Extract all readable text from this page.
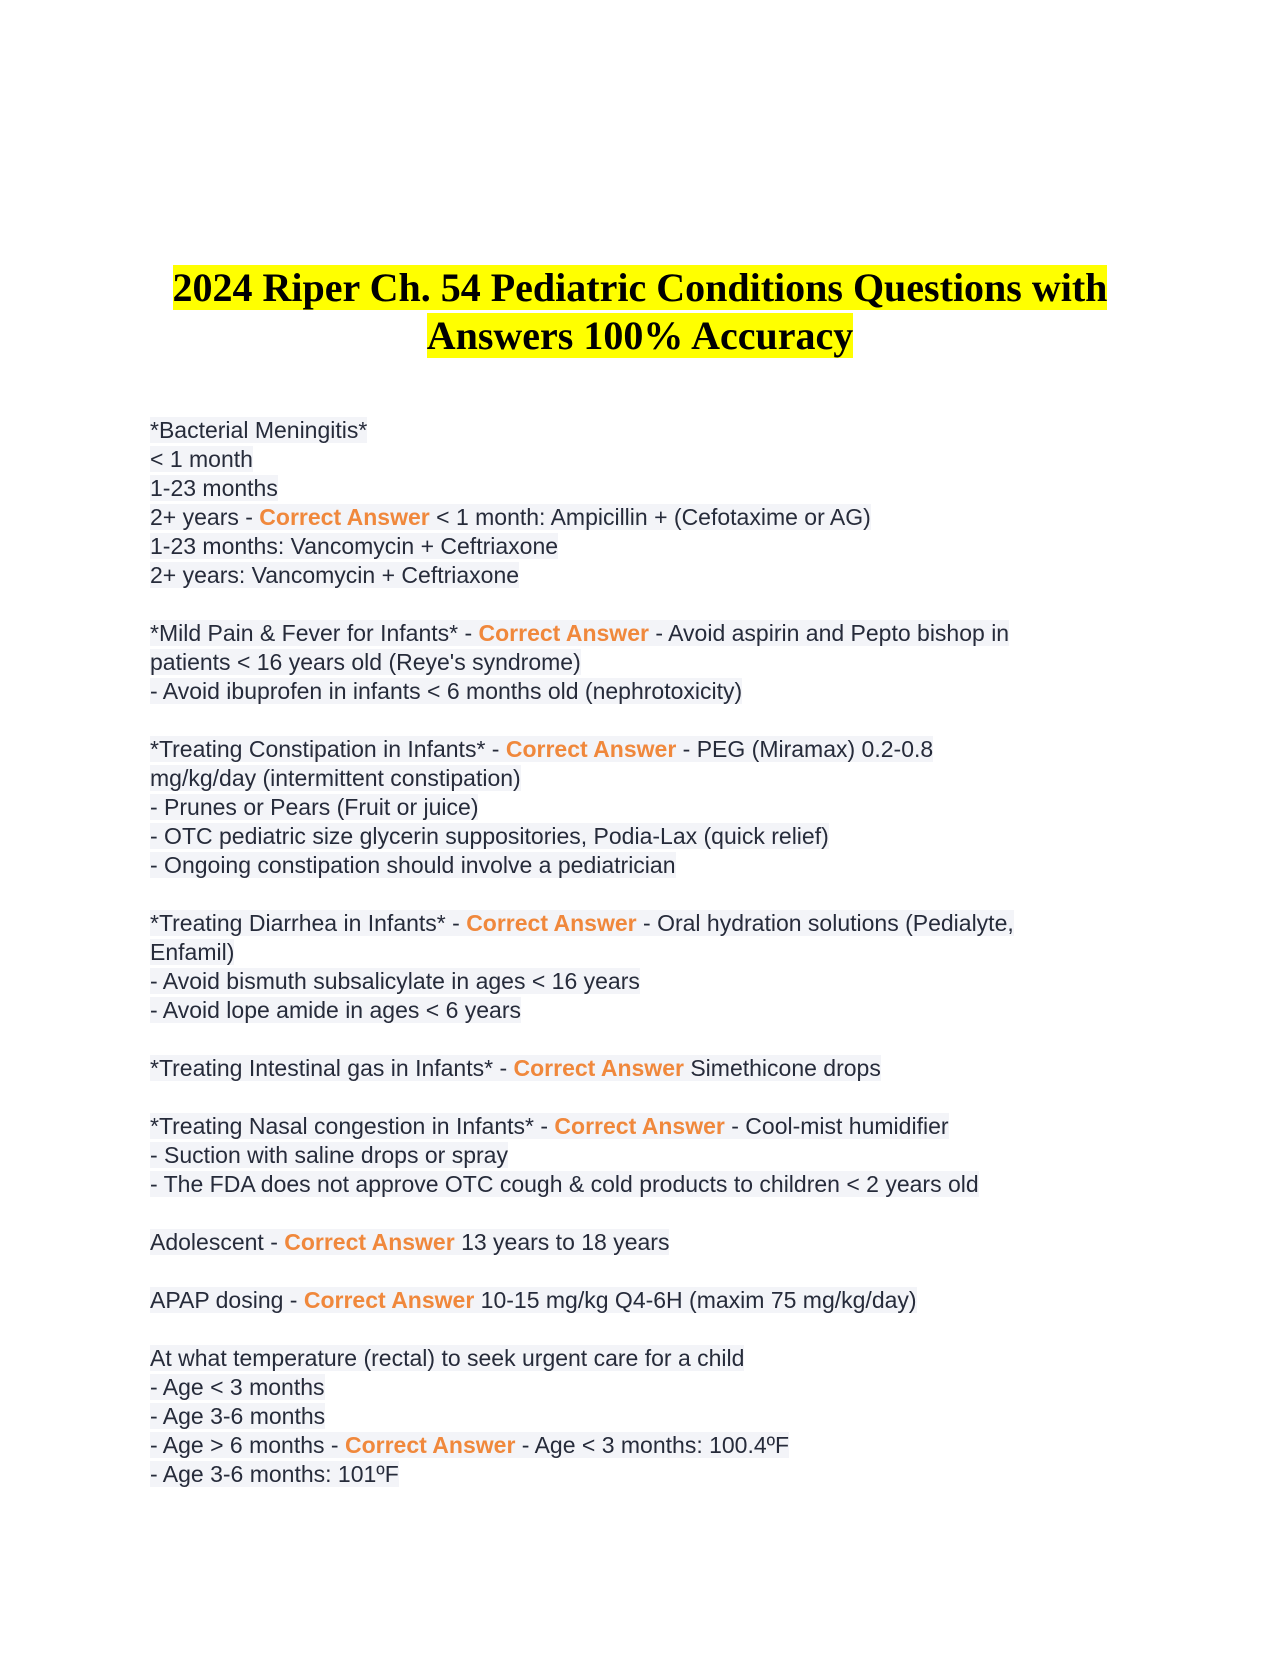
2024 Riper Ch. 54 Pediatric Conditions Questions with
Answers 100% Accuracy
*Bacterial Meningitis*
< 1 month
1-23 months
2+ years - Correct Answer < 1 month: Ampicillin + (Cefotaxime or AG)
1-23 months: Vancomycin + Ceftriaxone
2+ years: Vancomycin + Ceftriaxone
*Mild Pain & Fever for Infants* - Correct Answer - Avoid aspirin and Pepto bishop in
patients < 16 years old (Reye's syndrome)
- Avoid ibuprofen in infants < 6 months old (nephrotoxicity)
*Treating Constipation in Infants* - Correct Answer - PEG (Miramax) 0.2-0.8
mg/kg/day (intermittent constipation)
- Prunes or Pears (Fruit or juice)
- OTC pediatric size glycerin suppositories, Podia-Lax (quick relief)
- Ongoing constipation should involve a pediatrician
*Treating Diarrhea in Infants* - Correct Answer - Oral hydration solutions (Pedialyte,
Enfamil)
- Avoid bismuth subsalicylate in ages < 16 years
- Avoid lope amide in ages < 6 years
*Treating Intestinal gas in Infants* - Correct Answer Simethicone drops
*Treating Nasal congestion in Infants* - Correct Answer - Cool-mist humidifier
- Suction with saline drops or spray
- The FDA does not approve OTC cough & cold products to children < 2 years old
Adolescent - Correct Answer 13 years to 18 years
APAP dosing - Correct Answer 10-15 mg/kg Q4-6H (maxim 75 mg/kg/day)
At what temperature (rectal) to seek urgent care for a child
- Age < 3 months
- Age 3-6 months
- Age > 6 months - Correct Answer - Age < 3 months: 100.4ºF
- Age 3-6 months: 101ºF
